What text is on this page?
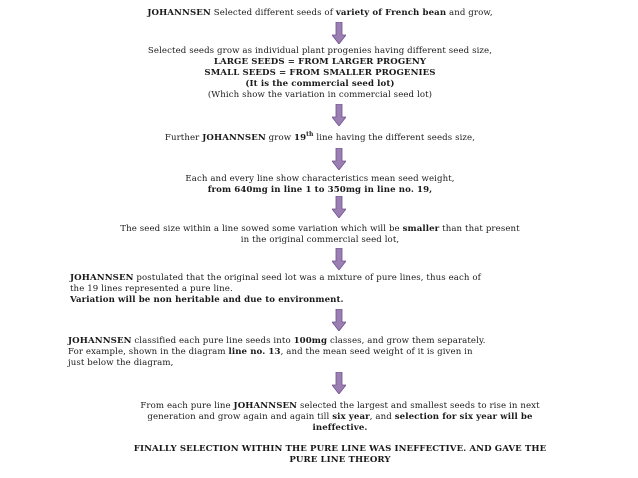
JOHANNSEN Selected different seeds of variety of French bean and grow,
Selected seeds grow as individual plant progenies having different seed size,
LARGE SEEDS = FROM LARGER PROGENY
SMALL SEEDS = FROM SMALLER PROGENIES
(It is the commercial seed lot)
(Which show the variation in commercial seed lot)
Further JOHANNSEN grow 19th line having the different seeds size,
Each and every line show characteristics mean seed weight,
from 640mg in line 1 to 350mg in line no. 19,
The seed size within a line sowed some variation which will be smaller than that present
in the original commercial seed lot,
JOHANNSEN postulated that the original seed lot was a mixture of pure lines, thus each of
the 19 lines represented a pure line.
Variation will be non heritable and due to environment.
JOHANNSEN classified each pure line seeds into 100mg classes, and grow them separately.
For example, shown in the diagram line no. 13, and the mean seed weight of it is given in
just below the diagram,
From each pure line JOHANNSEN selected the largest and smallest seeds to rise in next
generation and grow again and again till six year, and selection for six year will be
ineffective.
FINALLY SELECTION WITHIN THE PURE LINE WAS INEFFECTIVE. AND GAVE THE
PURE LINE THEORY
